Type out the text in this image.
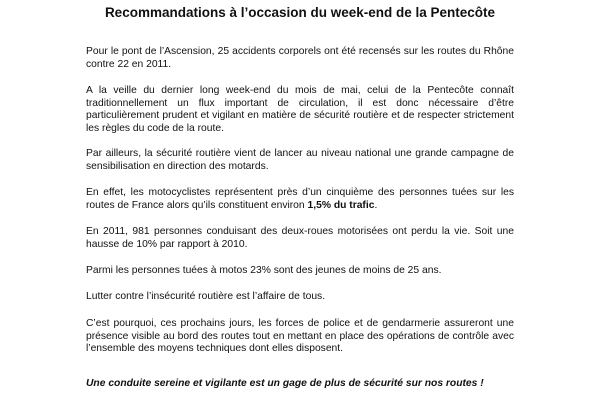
Recommandations à l’occasion du week-end de la Pentecôte

Pour le pont de l’Ascension, 25 accidents corporels ont été recensés sur les routes du Rhône contre 22 en 2011.

A la veille du dernier long week-end du mois de mai, celui de la Pentecôte connaît traditionnellement un flux important de circulation, il est donc nécessaire d’être particulièrement prudent et vigilant en matière de sécurité routière et de respecter strictement les règles du code de la route.

Par ailleurs, la sécurité routière vient de lancer au niveau national une grande campagne de sensibilisation en direction des motards.

En effet, les motocyclistes représentent près d’un cinquième des personnes tuées sur les routes de France alors qu’ils constituent environ 1,5% du trafic.

En 2011, 981 personnes conduisant des deux-roues motorisées ont perdu la vie. Soit une hausse de 10% par rapport à 2010.

Parmi les personnes tuées à motos 23% sont des jeunes de moins de 25 ans.

Lutter contre l’insécurité routière est l’affaire de tous.

C’est pourquoi, ces prochains jours, les forces de police et de gendarmerie assureront une présence visible au bord des routes tout en mettant en place des opérations de contrôle avec l’ensemble des moyens techniques dont elles disposent.

Une conduite sereine et vigilante est un gage de plus de sécurité sur nos routes !
